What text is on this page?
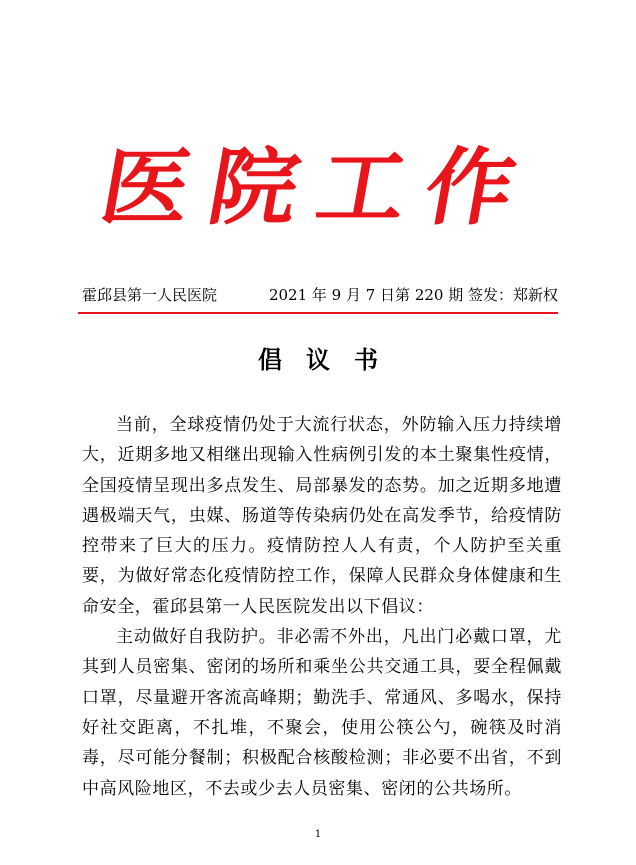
医院工作
霍邱县第一人民医院	2021 年 9 月 7 日第 220 期 签发：郑新权
倡议书

当前，全球疫情仍处于大流行状态，外防输入压力持续增大，近期多地又相继出现输入性病例引发的本土聚集性疫情，全国疫情呈现出多点发生、局部暴发的态势。加之近期多地遭遇极端天气，虫媒、肠道等传染病仍处在高发季节，给疫情防控带来了巨大的压力。疫情防控人人有责，个人防护至关重要，为做好常态化疫情防控工作，保障人民群众身体健康和生命安全，霍邱县第一人民医院发出以下倡议：

主动做好自我防护。非必需不外出，凡出门必戴口罩，尤其到人员密集、密闭的场所和乘坐公共交通工具，要全程佩戴口罩，尽量避开客流高峰期；勤洗手、常通风、多喝水，保持好社交距离，不扎堆，不聚会，使用公筷公勺，碗筷及时消毒，尽可能分餐制；积极配合核酸检测；非必要不出省，不到中高风险地区，不去或少去人员密集、密闭的公共场所。

1
